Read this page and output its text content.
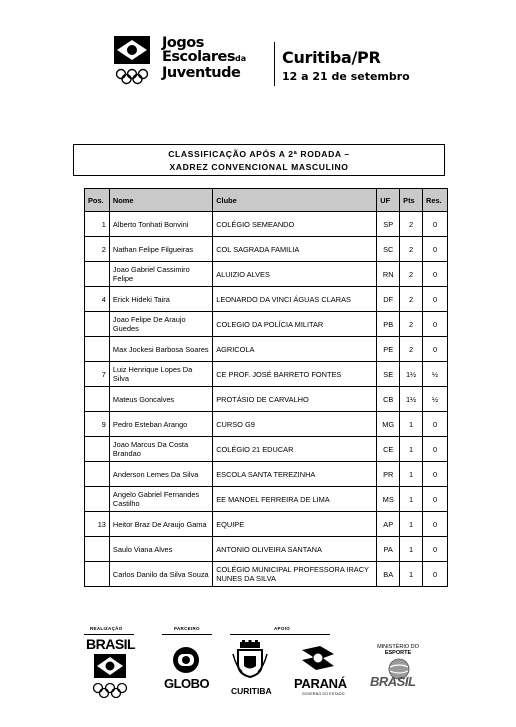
Jogos
Escolaresda
Juventude
Curitiba/PR
12 a 21 de setembro
CLASSIFICAÇÃO APÓS A 2ª RODADA –
XADREZ CONVENCIONAL MASCULINO
Pos.	Nome	Clube	UF	Pts	Res.
1	Alberto Tonhati Bonvini	COLÉGIO SEMEANDO	SP	2	0
2	Nathan Felipe Filgueiras	COL SAGRADA FAMILIA	SC	2	0
	Joao Gabriel Cassimiro Felipe	ALUIZIO ALVES	RN	2	0
4	Erick Hideki Taira	LEONARDO DA VINCI ÁGUAS CLARAS	DF	2	0
	Joao Felipe De Araujo Guedes	COLEGIO DA POLÍCIA MILITAR	PB	2	0
	Max Jockesi Barbosa Soares	AGRICOLA	PE	2	0
7	Luiz Henrique Lopes Da Silva	CE PROF. JOSÉ BARRETO FONTES	SE	1½	½
	Mateus Goncalves	PROTÁSIO DE CARVALHO	CB	1½	½
9	Pedro Esteban Arango	CURSO G9	MG	1	0
	Joao Marcus Da Costa Brandao	COLÉGIO 21 EDUCAR	CE	1	0
	Anderson Lemes Da Silva	ESCOLA SANTA TEREZINHA	PR	1	0
	Angelo Gabriel Fernandes Castilho	EE MANOEL FERREIRA DE LIMA	MS	1	0
13	Heitor Braz De Araujo Gama	EQUIPE	AP	1	0
	Saulo Viana Alves	ANTONIO OLIVEIRA SANTANA	PA	1	0
	Carlos Danilo da Silva Souza	COLÉGIO MUNICIPAL PROFESSORA IRACY NUNES DA SILVA	BA	1	0
REALIZAÇÃO
BRASIL
PARCEIRO
GLOBO
APOIO
CURITIBA PARANÁ
GOVERNO DO ESTADO
MINISTÉRIO DO
ESPORTE
BRASIL
